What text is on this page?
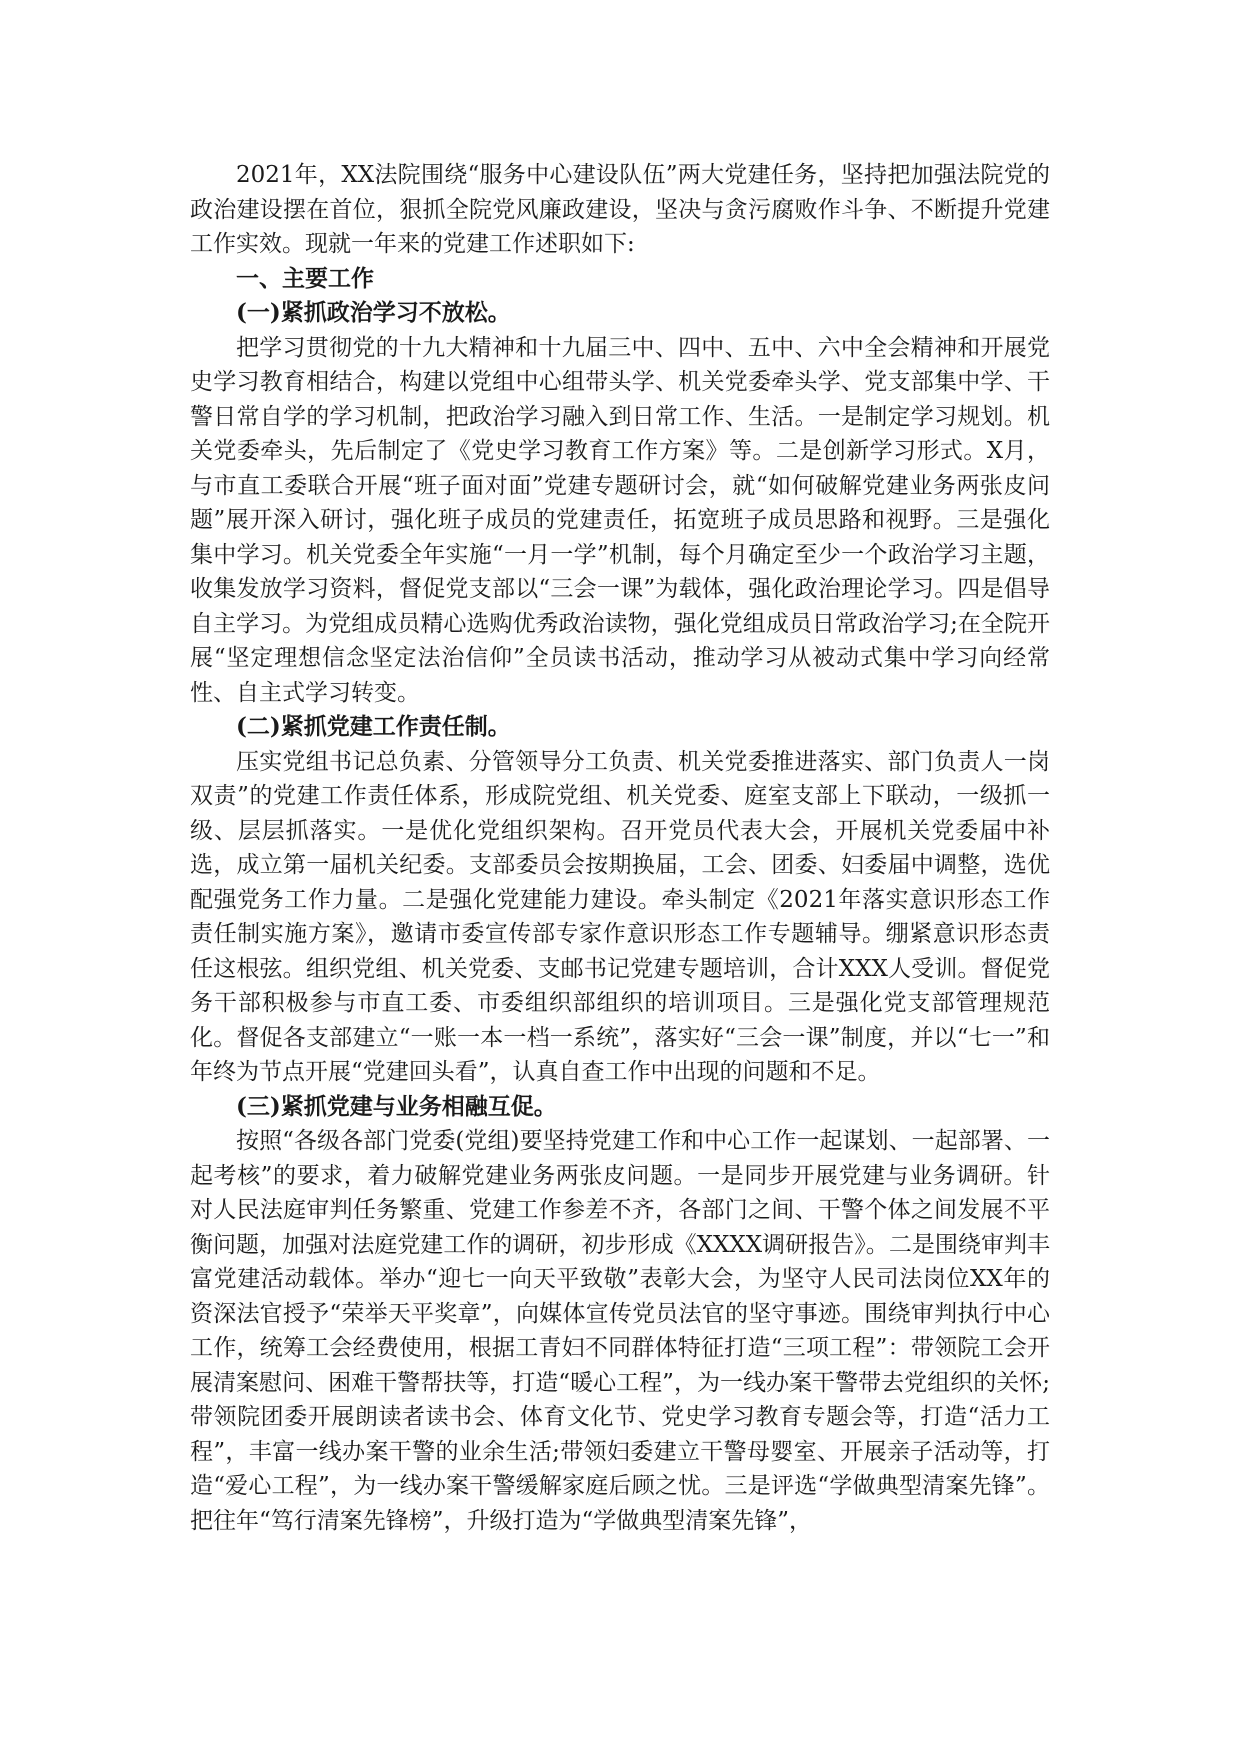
2021年，XX法院围绕“服务中心建设队伍”两大党建任务，坚持把加强法院党的政治建设摆在首位，狠抓全院党风廉政建设，坚决与贪污腐败作斗争、不断提升党建工作实效。现就一年来的党建工作述职如下:

一、主要工作
(一)紧抓政治学习不放松。

把学习贯彻党的十九大精神和十九届三中、四中、五中、六中全会精神和开展党史学习教育相结合，构建以党组中心组带头学、机关党委牵头学、党支部集中学、干警日常自学的学习机制，把政治学习融入到日常工作、生活。一是制定学习规划。机关党委牵头，先后制定了《党史学习教育工作方案》等。二是创新学习形式。X月，与市直工委联合开展“班子面对面”党建专题研讨会，就“如何破解党建业务两张皮问题”展开深入研讨，强化班子成员的党建责任，拓宽班子成员思路和视野。三是强化集中学习。机关党委全年实施“一月一学”机制，每个月确定至少一个政治学习主题，收集发放学习资料，督促党支部以“三会一课”为载体，强化政治理论学习。四是倡导自主学习。为党组成员精心选购优秀政治读物，强化党组成员日常政治学习;在全院开展“坚定理想信念坚定法治信仰”全员读书活动，推动学习从被动式集中学习向经常性、自主式学习转变。

(二)紧抓党建工作责任制。

压实党组书记总负素、分管领导分工负责、机关党委推进落实、部门负责人一岗双责”的党建工作责任体系，形成院党组、机关党委、庭室支部上下联动，一级抓一级、层层抓落实。一是优化党组织架构。召开党员代表大会，开展机关党委届中补选，成立第一届机关纪委。支部委员会按期换届，工会、团委、妇委届中调整，选优配强党务工作力量。二是强化党建能力建设。牵头制定《2021年落实意识形态工作责任制实施方案》，邀请市委宣传部专家作意识形态工作专题辅导。绷紧意识形态责任这根弦。组织党组、机关党委、支邮书记党建专题培训，合计XXX人受训。督促党务干部积极参与市直工委、市委组织部组织的培训项目。三是强化党支部管理规范化。督促各支部建立“一账一本一档一系统”，落实好“三会一课”制度，并以“七一”和年终为节点开展“党建回头看”，认真自查工作中出现的问题和不足。

(三)紧抓党建与业务相融互促。

按照“各级各部门党委(党组)要坚持党建工作和中心工作一起谋划、一起部署、一起考核”的要求，着力破解党建业务两张皮问题。一是同步开展党建与业务调研。针对人民法庭审判任务繁重、党建工作参差不齐，各部门之间、干警个体之间发展不平衡问题，加强对法庭党建工作的调研，初步形成《XXXX调研报告》。二是围绕审判丰富党建活动载体。举办“迎七一向天平致敬”表彰大会，为坚守人民司法岗位XX年的资深法官授予“荣举天平奖章”，向媒体宣传党员法官的坚守事迹。围绕审判执行中心工作，统筹工会经费使用，根据工青妇不同群体特征打造“三项工程”：带领院工会开展清案慰问、困难干警帮扶等，打造“暖心工程”，为一线办案干警带去党组织的关怀;带领院团委开展朗读者读书会、体育文化节、党史学习教育专题会等，打造“活力工程”，丰富一线办案干警的业余生活;带领妇委建立干警母婴室、开展亲子活动等，打造“爱心工程”，为一线办案干警缓解家庭后顾之忧。三是评选“学做典型清案先锋”。把往年“笃行清案先锋榜”，升级打造为“学做典型清案先锋”，
